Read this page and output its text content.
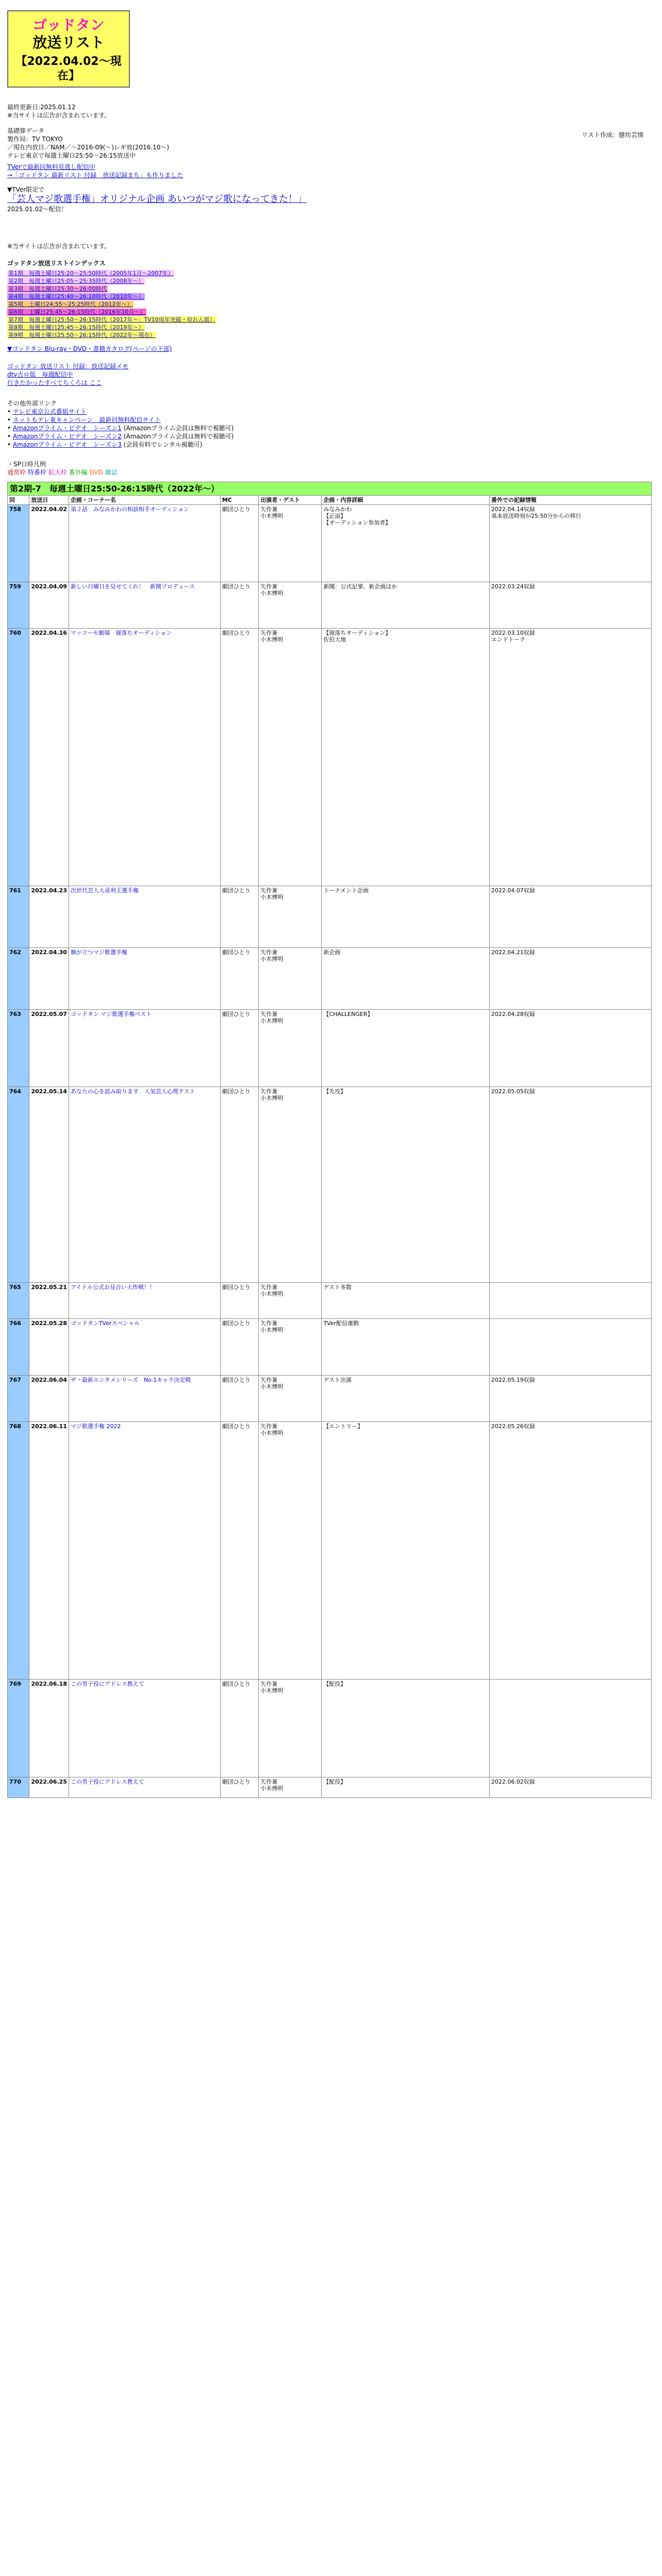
ゴッドタン
放送リスト
【2022.04.02〜現在】
リスト作成：健坊芸情
最終更新日:2025.01.12
※当サイトは広告が含まれています。
基礎算データ
製作局：TV TOKYO
／現在内放日／NAM／〜2016-09(〜)レギ放(2016.10〜)
テレビ東京で毎週土曜日25:50〜26:15放送中
TVerで最新回無料見逃し配信中
→「ゴッドタン 最新リスト 付録　放送記録まち」も作りました
▼TVer限定で
「芸人マジ歌選手権」オリジナル企画 あいつがマジ歌になってきた！」
2025.01.02〜配信！
※当サイトは広告が含まれています。
ゴッドタン放送リストインデックス
第1期　毎週土曜日25:20〜25:50時代（2005年1月〜2007年）
第2期　毎週土曜日25:05〜25:35時代（2008年〜）
第3期　毎週土曜日25:30〜26:00時代
第4期　毎週土曜日25:40〜26:10時代（2010年〜）
第5期　土曜日24:55〜25:25時代（2012年〜）
第6期　土曜日25:45〜26:15時代（2016年10月〜）
第7期　毎週土曜日25:50〜26:15時代（2017年〜：TV10周年突破・収れん版）
第8期　毎週土曜日25:45〜26:15時代（2019年〜）
第9期　毎週土曜日25:50〜26:15時代（2022年〜現在）
▼ゴッドタン Blu-ray・DVD・書籍カタログ(ページの下部)
ゴッドタン 放送リスト 付録：放送記録メモ
dtv吉ロ版　毎週配信中
行きたかったすべてちくろは ここ
その他外部リンク
• テレビ東京公式番組サイト
• ネットもテレ東キャンペーン　最新回無料配信サイト
• Amazonプライム・ビデオ　シーズン1 (Amazonプライム会員は無料で視聴可)
• Amazonプライム・ビデオ　シーズン2 (Amazonプライム会員は無料で視聴可)
• Amazonプライム・ビデオ　シーズン3 (会員有料でレンタル視聴可)
・SP日時凡例
通常枠 特番枠 拡大枠 番外編 DVD 雑誌
第2期-7　毎週土曜日25:50-26:15時代（2022年〜）						
回	放送日	企画・コーナー名	MC	出演者・ゲスト	企画・内容詳細	番外での記録情報
758	2022.04.02	第２話　みなみかわの相談相手オーディション	劇団ひとり	矢作兼
小木博明	みなみかわ
【正面】
【オーディション参加者】	2022.04.14収録
基本放送時刻が25:50分からの移行
759	2022.04.09	新しい日曜日を見せてくれ！　新聞プロデュース	劇団ひとり	矢作兼
小木博明	新聞：公式記事、新企画ほか	2022.03.24収録
760	2022.04.16	マッコーセ劇場　寝落ちオーディション	劇団ひとり	矢作兼
小木博明	【寝落ちオーディション】
佐伯大地	2022.03.10収録
エンドトーク
761	2022.04.23	次世代芸人大喜利王選手権	劇団ひとり	矢作兼
小木博明	トーナメント企画	2022.04.07収録
762	2022.04.30	腕が立つマジ歌選手権	劇団ひとり	矢作兼
小木博明	新企画	2022.04.21収録
763	2022.05.07	ゴッドタン マジ歌選手権ベスト	劇団ひとり	矢作兼
小木博明	【CHALLENGER】	2022.04.28収録
764	2022.05.14	あなたの心を読み取ります　人気芸人心理テスト	劇団ひとり	矢作兼
小木博明	【先攻】	2022.05.05収録
765	2022.05.21	アイドル公式お見合い大作戦！！	劇団ひとり	矢作兼
小木博明	ゲスト多数	
766	2022.05.28	ゴッドタンTVerスペシャル	劇団ひとり	矢作兼
小木博明	TVer配信連動	
767	2022.06.04	ザ・最新エンタメシリーズ　No.1キャラ決定戦	劇団ひとり	矢作兼
小木博明	ゲスト出演	2022.05.19収録
768	2022.06.11	マジ歌選手権 2022	劇団ひとり	矢作兼
小木博明	【エントリー】	2022.05.26収録
769	2022.06.18	この男子役にアドレス教えて	劇団ひとり	矢作兼
小木博明	【配役】	
770	2022.06.25	この男子役にアドレス教えて	劇団ひとり	矢作兼
小木博明	【配役】	2022.06.02収録
